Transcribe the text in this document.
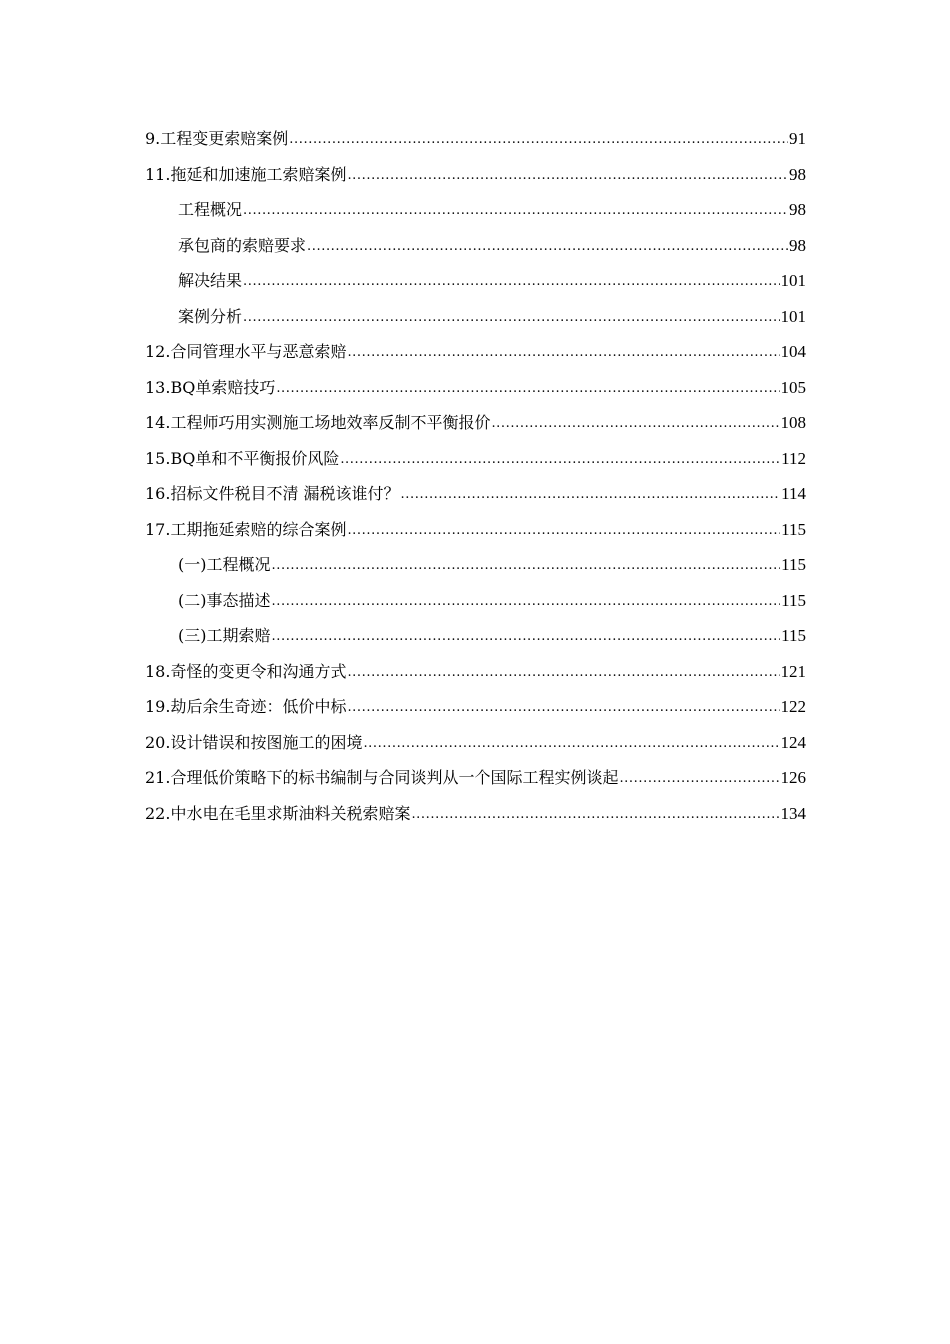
9.工程变更索赔案例 .....	91
11.拖延和加速施工索赔案例 .....	98
工程概况 .....	98
承包商的索赔要求 .....	98
解决结果 .....	101
案例分析 .....	101
12.合同管理水平与恶意索赔 .....	104
13.BQ单索赔技巧 .....	105
14.工程师巧用实测施工场地效率反制不平衡报价 .....	108
15.BQ单和不平衡报价风险 .....	112
16.招标文件税目不清 漏税该谁付？ .....	114
17.工期拖延索赔的综合案例 .....	115
(一)工程概况 .....	115
(二)事态描述 .....	115
(三)工期索赔 .....	115
18.奇怪的变更令和沟通方式 .....	121
19.劫后余生奇迹：低价中标 .....	122
20.设计错误和按图施工的困境 .....	124
21.合理低价策略下的标书编制与合同谈判从一个国际工程实例谈起 .....	126
22.中水电在毛里求斯油料关税索赔案 .....	134
